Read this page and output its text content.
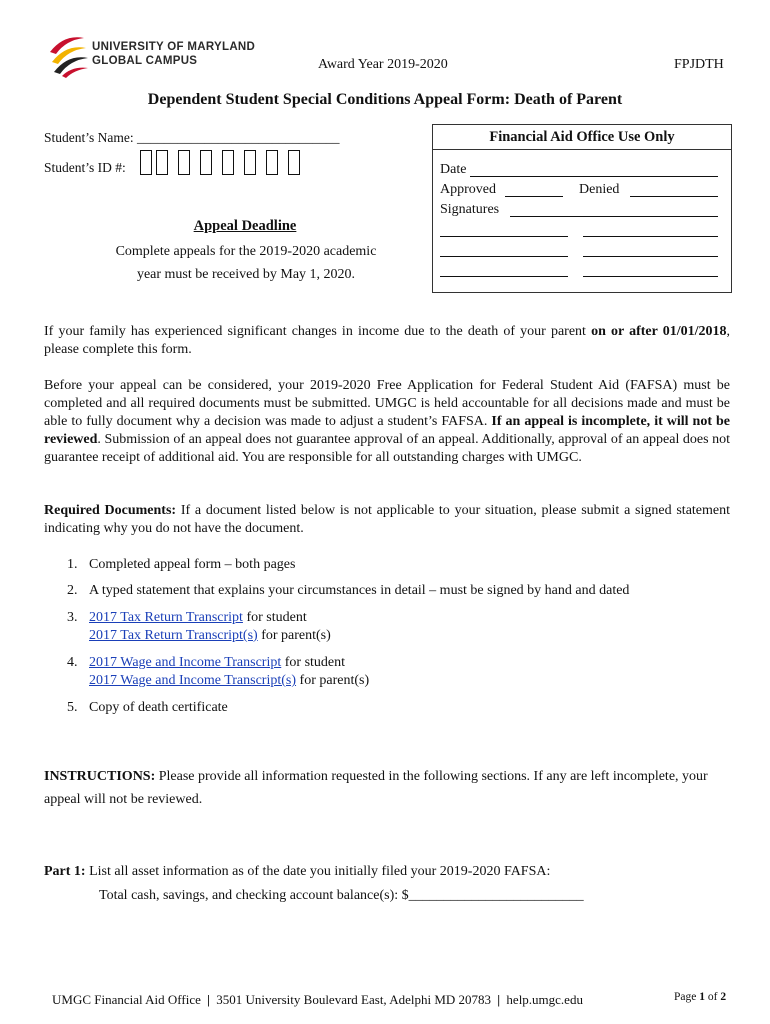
UNIVERSITY OF MARYLAND
GLOBAL CAMPUS	Award Year 2019-2020	FPJDTH
Dependent Student Special Conditions Appeal Form: Death of Parent
Student’s Name: ______________________________
Student’s ID #:
Appeal Deadline
Complete appeals for the 2019-2020 academic
year must be received by May 1, 2020.
Financial Aid Office Use Only
Date
Approved	Denied
Signatures
If your family has experienced significant changes in income due to the death of your parent on or after 01/01/2018, please complete this form.
Before your appeal can be considered, your 2019-2020 Free Application for Federal Student Aid (FAFSA) must be completed and all required documents must be submitted. UMGC is held accountable for all decisions made and must be able to fully document why a decision was made to adjust a student’s FAFSA. If an appeal is incomplete, it will not be reviewed. Submission of an appeal does not guarantee approval of an appeal. Additionally, approval of an appeal does not guarantee receipt of additional aid. You are responsible for all outstanding charges with UMGC.
Required Documents: If a document listed below is not applicable to your situation, please submit a signed statement indicating why you do not have the document.
1. Completed appeal form – both pages
2. A typed statement that explains your circumstances in detail – must be signed by hand and dated
3. 2017 Tax Return Transcript for student
2017 Tax Return Transcript(s) for parent(s)
4. 2017 Wage and Income Transcript for student
2017 Wage and Income Transcript(s) for parent(s)
5. Copy of death certificate
INSTRUCTIONS: Please provide all information requested in the following sections. If any are left incomplete, your appeal will not be reviewed.
Part 1: List all asset information as of the date you initially filed your 2019-2020 FAFSA:
Total cash, savings, and checking account balance(s): $_________________________
UMGC Financial Aid Office | 3501 University Boulevard East, Adelphi MD 20783 | help.umgc.edu	Page 1 of 2
